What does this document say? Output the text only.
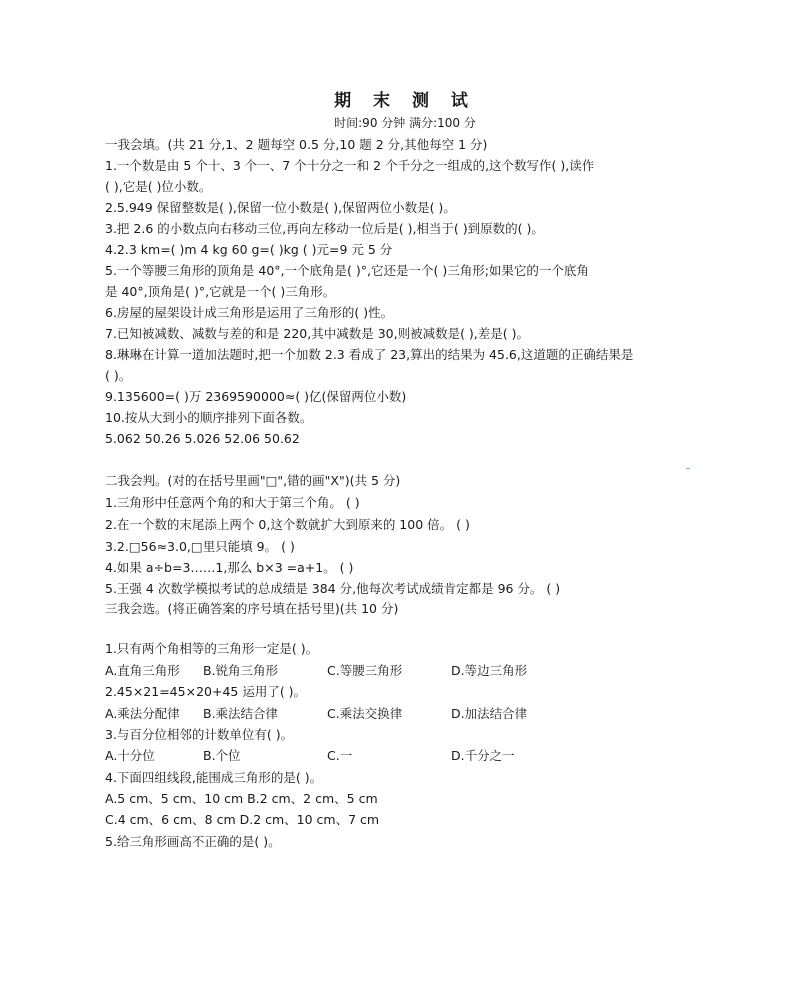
期 末 测 试
时间:90 分钟 满分:100 分
一我会填。(共 21 分,1、2 题每空 0.5 分,10 题 2 分,其他每空 1 分)
1.一个数是由 5 个十、3 个一、7 个十分之一和 2 个千分之一组成的,这个数写作( ),读作
( ),它是( )位小数。
2.5.949 保留整数是( ),保留一位小数是( ),保留两位小数是( )。
3.把 2.6 的小数点向右移动三位,再向左移动一位后是( ),相当于( )到原数的( )。
4.2.3 km=( )m 4 kg 60 g=( )kg ( )元=9 元 5 分
5.一个等腰三角形的顶角是 40°,一个底角是( )°,它还是一个( )三角形;如果它的一个底角
是 40°,顶角是( )°,它就是一个( )三角形。
6.房屋的屋架设计成三角形是运用了三角形的( )性。
7.已知被减数、减数与差的和是 220,其中减数是 30,则被减数是( ),差是( )。
8.琳琳在计算一道加法题时,把一个加数 2.3 看成了 23,算出的结果为 45.6,这道题的正确结果是
( )。
9.135600=( )万 2369590000≈( )亿(保留两位小数)
10.按从大到小的顺序排列下面各数。
5.062 50.26 5.026 52.06 50.62
二我会判。(对的在括号里画"□",错的画"X")(共 5 分)
1.三角形中任意两个角的和大于第三个角。 ( )
2.在一个数的末尾添上两个 0,这个数就扩大到原来的 100 倍。 ( )
3.2.□56≈3.0,□里只能填 9。 ( )
4.如果 a÷b=3……1,那么 b×3 =a+1。 ( )
5.王强 4 次数学模拟考试的总成绩是 384 分,他每次考试成绩肯定都是 96 分。 ( )
三我会选。(将正确答案的序号填在括号里)(共 10 分)
1.只有两个角相等的三角形一定是( )。
A.直角三角形 B.锐角三角形	C.等腰三角形	D.等边三角形
2.45×21=45×20+45 运用了( )。
A.乘法分配律 B.乘法结合律	C.乘法交换律	D.加法结合律
3.与百分位相邻的计数单位有( )。
A.十分位	B.个位	C.一	D.千分之一
4.下面四组线段,能围成三角形的是( )。
A.5 cm、5 cm、10 cm B.2 cm、2 cm、5 cm
C.4 cm、6 cm、8 cm D.2 cm、10 cm、7 cm
5.给三角形画高不正确的是( )。
